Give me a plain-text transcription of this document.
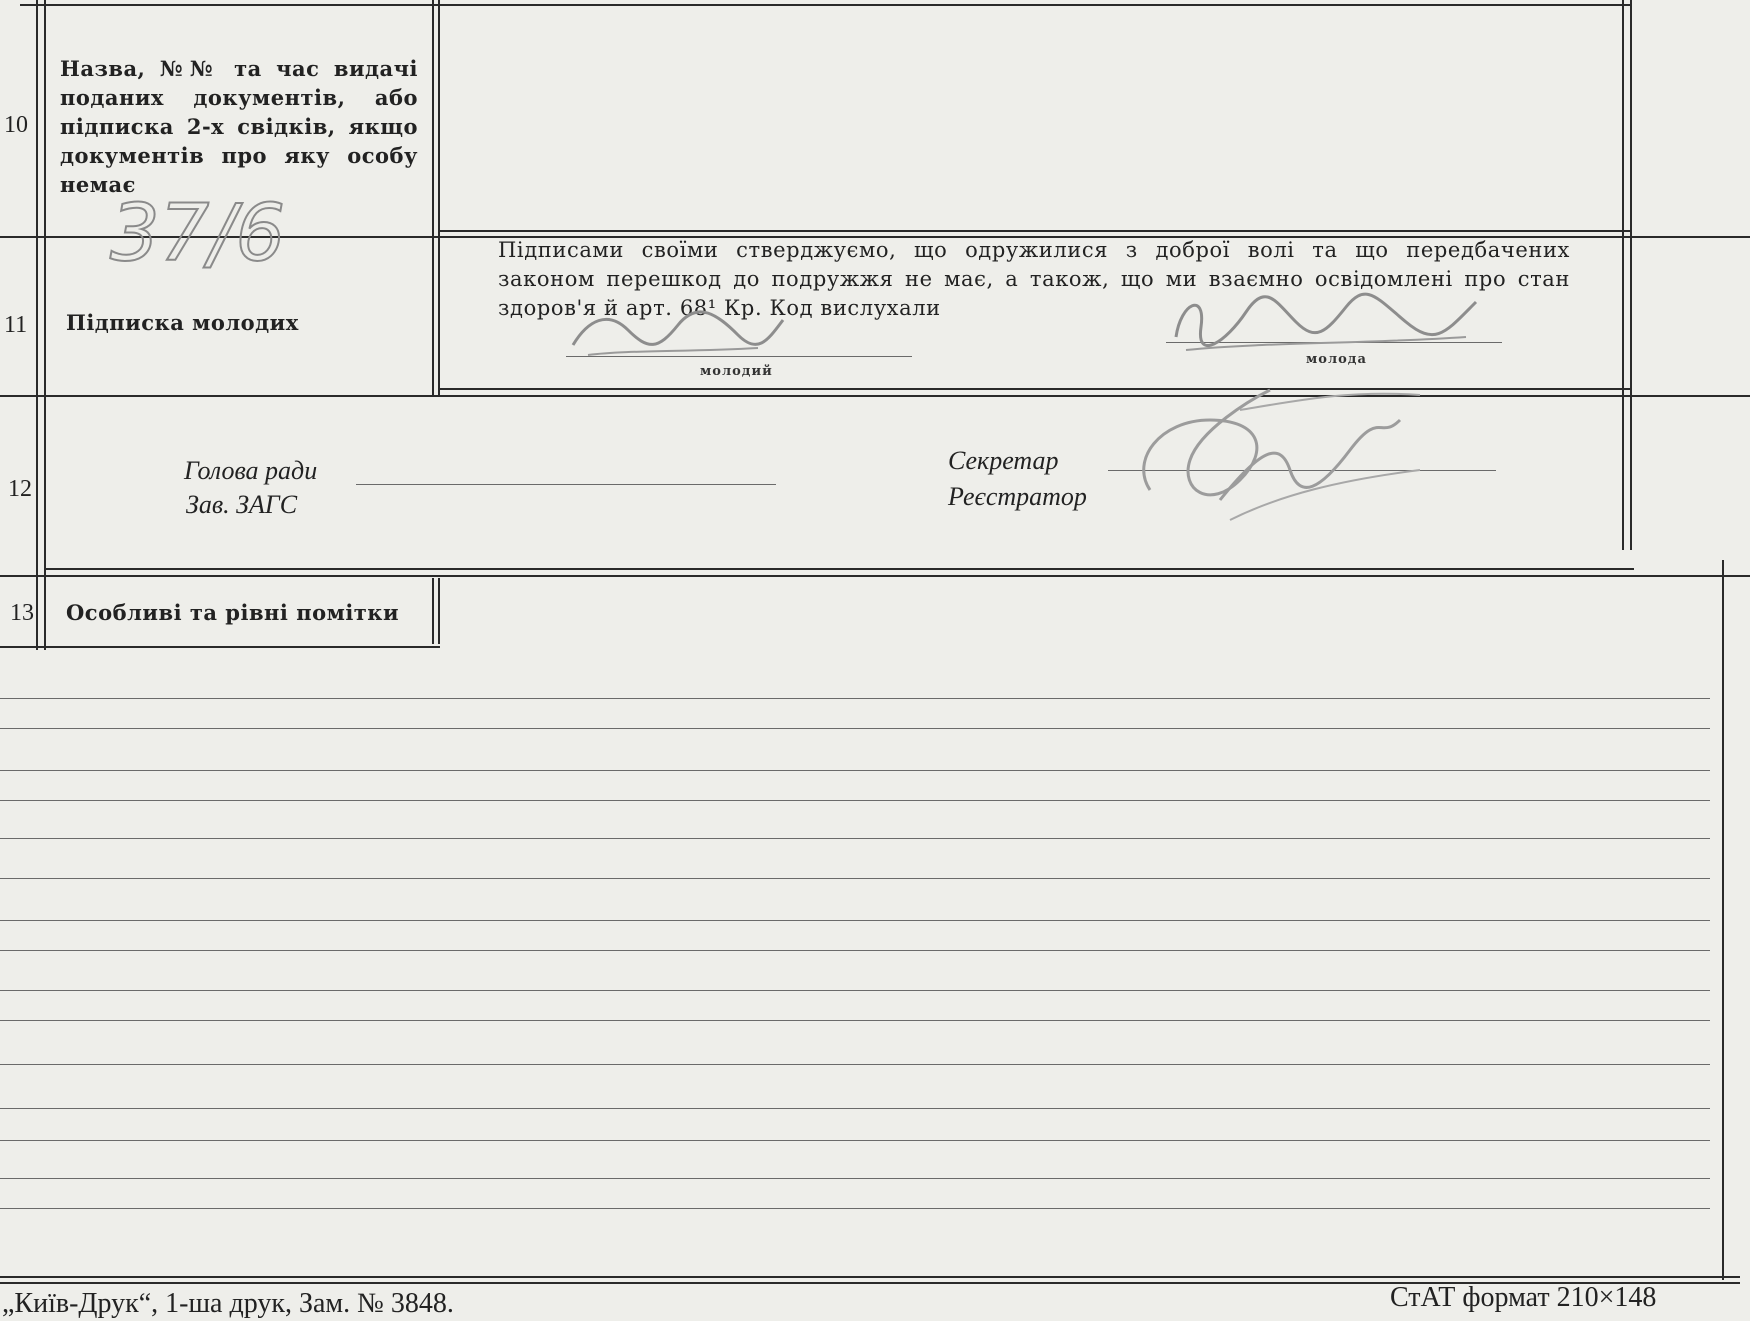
10
Назва, №№ та час видачі поданих документів, або підписка 2-х свідків, якщо документів про яку особу немає
37/6
11 Підписка молодих
Підписами своїми стверджуємо, що одружилися з доброї волі та що передбачених законом перешкод до подружжя не має, а також, що ми взаємно освідомлені про стан здоров'я й арт. 68¹ Кр. Код вислухали
молодий
молода
12
Голова ради
Зав. ЗАГС
Секретар
Реєстратор
13 Особливі та рівні помітки
„Київ-Друк“, 1-ша друк, Зам. № 3848.	СтАТ формат 210×148
